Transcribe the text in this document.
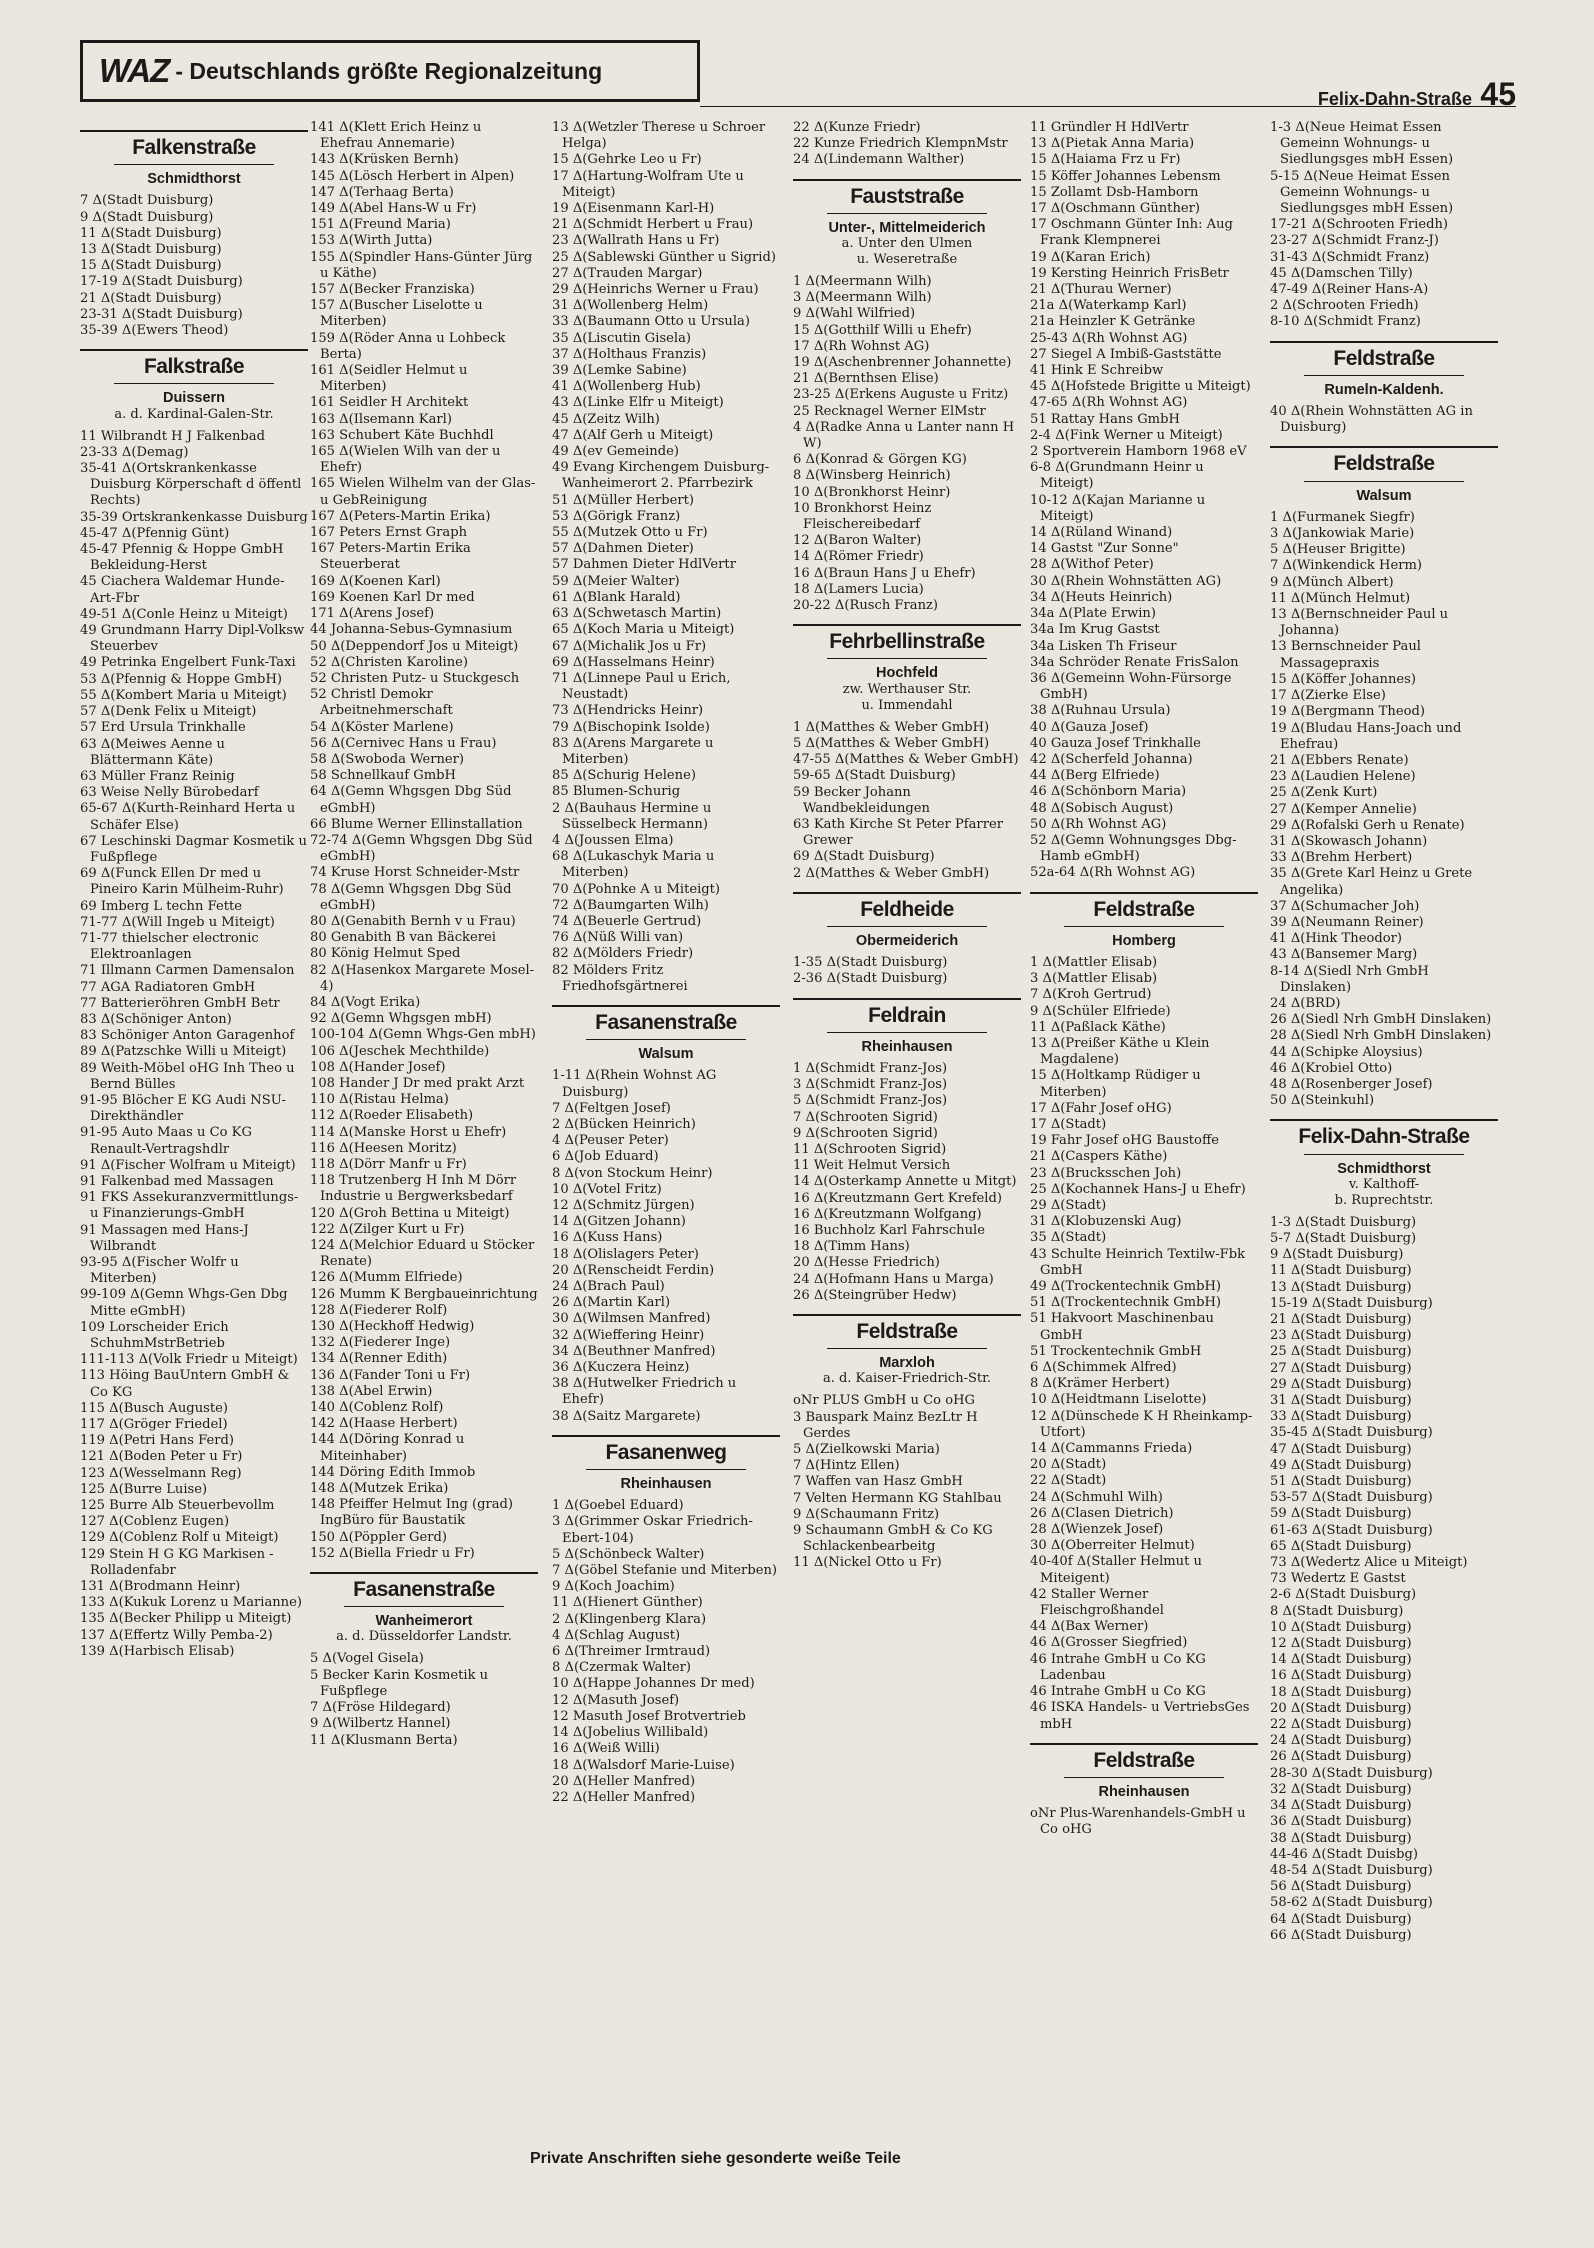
WAZ - Deutschlands größte Regionalzeitung
Felix-Dahn-Straße 45

Falkenstraße
Schmidthorst

7 Δ(Stadt Duisburg)

9 Δ(Stadt Duisburg)

11 Δ(Stadt Duisburg)

13 Δ(Stadt Duisburg)

15 Δ(Stadt Duisburg)

17-19 Δ(Stadt Duisburg)

21 Δ(Stadt Duisburg)

23-31 Δ(Stadt Duisburg)

35-39 Δ(Ewers Theod)

Falkstraße
Duissern
a. d. Kardinal-Galen-Str.

11 Wilbrandt H J Falkenbad

23-33 Δ(Demag)

35-41 Δ(Ortskrankenkasse Duisburg Körperschaft d öffentl Rechts)

35-39 Ortskrankenkasse Duisburg

45-47 Δ(Pfennig Günt)

45-47 Pfennig & Hoppe GmbH Bekleidung-Herst

45 Ciachera Waldemar Hunde-Art-Fbr

49-51 Δ(Conle Heinz u Miteigt)

49 Grundmann Harry Dipl-Volksw Steuerbev

49 Petrinka Engelbert Funk-Taxi

53 Δ(Pfennig & Hoppe GmbH)

55 Δ(Kombert Maria u Miteigt)

57 Δ(Denk Felix u Miteigt)

57 Erd Ursula Trinkhalle

63 Δ(Meiwes Aenne u Blättermann Käte)

63 Müller Franz Reinig

63 Weise Nelly Bürobedarf

65-67 Δ(Kurth-Reinhard Herta u Schäfer Else)

67 Leschinski Dagmar Kosmetik u Fußpflege

69 Δ(Funck Ellen Dr med u Pineiro Karin Mülheim-Ruhr)

69 Imberg L techn Fette

71-77 Δ(Will Ingeb u Miteigt)

71-77 thielscher electronic Elektroanlagen

71 Illmann Carmen Damensalon

77 AGA Radiatoren GmbH

77 Batterieröhren GmbH Betr

83 Δ(Schöniger Anton)

83 Schöniger Anton Garagenhof

89 Δ(Patzschke Willi u Miteigt)

89 Weith-Möbel oHG Inh Theo u Bernd Bülles

91-95 Blöcher E KG Audi NSU-Direkthändler

91-95 Auto Maas u Co KG Renault-Vertragshdlr

91 Δ(Fischer Wolfram u Miteigt)

91 Falkenbad med Massagen

91 FKS Assekuranzvermittlungs- u Finanzierungs-GmbH

91 Massagen med Hans-J Wilbrandt

93-95 Δ(Fischer Wolfr u Miterben)

99-109 Δ(Gemn Whgs-Gen Dbg Mitte eGmbH)

109 Lorscheider Erich SchuhmMstrBetrieb

111-113 Δ(Volk Friedr u Miteigt)

113 Höing BauUntern GmbH & Co KG

115 Δ(Busch Auguste)

117 Δ(Gröger Friedel)

119 Δ(Petri Hans Ferd)

121 Δ(Boden Peter u Fr)

123 Δ(Wesselmann Reg)

125 Δ(Burre Luise)

125 Burre Alb Steuerbevollm

127 Δ(Coblenz Eugen)

129 Δ(Coblenz Rolf u Miteigt)

129 Stein H G KG Markisen - Rolladenfabr

131 Δ(Brodmann Heinr)

133 Δ(Kukuk Lorenz u Marianne)

135 Δ(Becker Philipp u Miteigt)

137 Δ(Effertz Willy Pemba-2)

139 Δ(Harbisch Elisab)

141 Δ(Klett Erich Heinz u Ehefrau Annemarie)

143 Δ(Krüsken Bernh)

145 Δ(Lösch Herbert in Alpen)

147 Δ(Terhaag Berta)

149 Δ(Abel Hans-W u Fr)

151 Δ(Freund Maria)

153 Δ(Wirth Jutta)

155 Δ(Spindler Hans-Günter Jürg u Käthe)

157 Δ(Becker Franziska)

157 Δ(Buscher Liselotte u Miterben)

159 Δ(Röder Anna u Lohbeck Berta)

161 Δ(Seidler Helmut u Miterben)

161 Seidler H Architekt

163 Δ(Ilsemann Karl)

163 Schubert Käte Buchhdl

165 Δ(Wielen Wilh van der u Ehefr)

165 Wielen Wilhelm van der Glas- u GebReinigung

167 Δ(Peters-Martin Erika)

167 Peters Ernst Graph

167 Peters-Martin Erika Steuerberat

169 Δ(Koenen Karl)

169 Koenen Karl Dr med

171 Δ(Arens Josef)

44 Johanna-Sebus-Gymnasium

50 Δ(Deppendorf Jos u Miteigt)

52 Δ(Christen Karoline)

52 Christen Putz- u Stuckgesch

52 Christl Demokr Arbeitnehmerschaft

54 Δ(Köster Marlene)

56 Δ(Cernivec Hans u Frau)

58 Δ(Swoboda Werner)

58 Schnellkauf GmbH

64 Δ(Gemn Whgsgen Dbg Süd eGmbH)

66 Blume Werner Ellinstallation

72-74 Δ(Gemn Whgsgen Dbg Süd eGmbH)

74 Kruse Horst Schneider-Mstr

78 Δ(Gemn Whgsgen Dbg Süd eGmbH)

80 Δ(Genabith Bernh v u Frau)

80 Genabith B van Bäckerei

80 König Helmut Sped

82 Δ(Hasenkox Margarete Mosel-4)

84 Δ(Vogt Erika)

92 Δ(Gemn Whgsgen mbH)

100-104 Δ(Gemn Whgs-Gen mbH)

106 Δ(Jeschek Mechthilde)

108 Δ(Hander Josef)

108 Hander J Dr med prakt Arzt

110 Δ(Ristau Helma)

112 Δ(Roeder Elisabeth)

114 Δ(Manske Horst u Ehefr)

116 Δ(Heesen Moritz)

118 Δ(Dörr Manfr u Fr)

118 Trutzenberg H Inh M Dörr Industrie u Bergwerksbedarf

120 Δ(Groh Bettina u Miteigt)

122 Δ(Zilger Kurt u Fr)

124 Δ(Melchior Eduard u Stöcker Renate)

126 Δ(Mumm Elfriede)

126 Mumm K Bergbaueinrichtung

128 Δ(Fiederer Rolf)

130 Δ(Heckhoff Hedwig)

132 Δ(Fiederer Inge)

134 Δ(Renner Edith)

136 Δ(Fander Toni u Fr)

138 Δ(Abel Erwin)

140 Δ(Coblenz Rolf)

142 Δ(Haase Herbert)

144 Δ(Döring Konrad u Miteinhaber)

144 Döring Edith Immob

148 Δ(Mutzek Erika)

148 Pfeiffer Helmut Ing (grad) IngBüro für Baustatik

150 Δ(Pöppler Gerd)

152 Δ(Biella Friedr u Fr)

Fasanenstraße
Wanheimerort
a. d. Düsseldorfer Landstr.

5 Δ(Vogel Gisela)

5 Becker Karin Kosmetik u Fußpflege

7 Δ(Fröse Hildegard)

9 Δ(Wilbertz Hannel)

11 Δ(Klusmann Berta)

13 Δ(Wetzler Therese u Schroer Helga)

15 Δ(Gehrke Leo u Fr)

17 Δ(Hartung-Wolfram Ute u Miteigt)

19 Δ(Eisenmann Karl-H)

21 Δ(Schmidt Herbert u Frau)

23 Δ(Wallrath Hans u Fr)

25 Δ(Sablewski Günther u Sigrid)

27 Δ(Trauden Margar)

29 Δ(Heinrichs Werner u Frau)

31 Δ(Wollenberg Helm)

33 Δ(Baumann Otto u Ursula)

35 Δ(Liscutin Gisela)

37 Δ(Holthaus Franzis)

39 Δ(Lemke Sabine)

41 Δ(Wollenberg Hub)

43 Δ(Linke Elfr u Miteigt)

45 Δ(Zeitz Wilh)

47 Δ(Alf Gerh u Miteigt)

49 Δ(ev Gemeinde)

49 Evang Kirchengem Duisburg-Wanheimerort 2. Pfarrbezirk

51 Δ(Müller Herbert)

53 Δ(Görigk Franz)

55 Δ(Mutzek Otto u Fr)

57 Δ(Dahmen Dieter)

57 Dahmen Dieter HdlVertr

59 Δ(Meier Walter)

61 Δ(Blank Harald)

63 Δ(Schwetasch Martin)

65 Δ(Koch Maria u Miteigt)

67 Δ(Michalik Jos u Fr)

69 Δ(Hasselmans Heinr)

71 Δ(Linnepe Paul u Erich, Neustadt)

73 Δ(Hendricks Heinr)

79 Δ(Bischopink Isolde)

83 Δ(Arens Margarete u Miterben)

85 Δ(Schurig Helene)

85 Blumen-Schurig

2 Δ(Bauhaus Hermine u Süsselbeck Hermann)

4 Δ(Joussen Elma)

68 Δ(Lukaschyk Maria u Miterben)

70 Δ(Pohnke A u Miteigt)

72 Δ(Baumgarten Wilh)

74 Δ(Beuerle Gertrud)

76 Δ(Nüß Willi van)

82 Δ(Mölders Friedr)

82 Mölders Fritz Friedhofsgärtnerei

Fasanenstraße
Walsum

1-11 Δ(Rhein Wohnst AG Duisburg)

7 Δ(Feltgen Josef)

2 Δ(Bücken Heinrich)

4 Δ(Peuser Peter)

6 Δ(Job Eduard)

8 Δ(von Stockum Heinr)

10 Δ(Votel Fritz)

12 Δ(Schmitz Jürgen)

14 Δ(Gitzen Johann)

16 Δ(Kuss Hans)

18 Δ(Olislagers Peter)

20 Δ(Renscheidt Ferdin)

24 Δ(Brach Paul)

26 Δ(Martin Karl)

30 Δ(Wilmsen Manfred)

32 Δ(Wieffering Heinr)

34 Δ(Beuthner Manfred)

36 Δ(Kuczera Heinz)

38 Δ(Hutwelker Friedrich u Ehefr)

38 Δ(Saitz Margarete)

Fasanenweg
Rheinhausen

1 Δ(Goebel Eduard)

3 Δ(Grimmer Oskar Friedrich-Ebert-104)

5 Δ(Schönbeck Walter)

7 Δ(Göbel Stefanie und Miterben)

9 Δ(Koch Joachim)

11 Δ(Hienert Günther)

2 Δ(Klingenberg Klara)

4 Δ(Schlag August)

6 Δ(Threimer Irmtraud)

8 Δ(Czermak Walter)

10 Δ(Happe Johannes Dr med)

12 Δ(Masuth Josef)

12 Masuth Josef Brotvertrieb

14 Δ(Jobelius Willibald)

16 Δ(Weiß Willi)

18 Δ(Walsdorf Marie-Luise)

20 Δ(Heller Manfred)

22 Δ(Heller Manfred)

22 Δ(Kunze Friedr)

22 Kunze Friedrich KlempnMstr

24 Δ(Lindemann Walther)

Fauststraße
Unter-, Mittelmeiderich
a. Unter den Ulmen
u. Weseretraße

1 Δ(Meermann Wilh)

3 Δ(Meermann Wilh)

9 Δ(Wahl Wilfried)

15 Δ(Gotthilf Willi u Ehefr)

17 Δ(Rh Wohnst AG)

19 Δ(Aschenbrenner Johannette)

21 Δ(Bernthsen Elise)

23-25 Δ(Erkens Auguste u Fritz)

25 Recknagel Werner ElMstr

4 Δ(Radke Anna u Lanter nann H W)

6 Δ(Konrad & Görgen KG)

8 Δ(Winsberg Heinrich)

10 Δ(Bronkhorst Heinr)

10 Bronkhorst Heinz Fleischereibedarf

12 Δ(Baron Walter)

14 Δ(Römer Friedr)

16 Δ(Braun Hans J u Ehefr)

18 Δ(Lamers Lucia)

20-22 Δ(Rusch Franz)

Fehrbellinstraße
Hochfeld
zw. Werthauser Str.
u. Immendahl

1 Δ(Matthes & Weber GmbH)

5 Δ(Matthes & Weber GmbH)

47-55 Δ(Matthes & Weber GmbH)

59-65 Δ(Stadt Duisburg)

59 Becker Johann Wandbekleidungen

63 Kath Kirche St Peter Pfarrer Grewer

69 Δ(Stadt Duisburg)

2 Δ(Matthes & Weber GmbH)

Feldheide
Obermeiderich

1-35 Δ(Stadt Duisburg)

2-36 Δ(Stadt Duisburg)

Feldrain
Rheinhausen

1 Δ(Schmidt Franz-Jos)

3 Δ(Schmidt Franz-Jos)

5 Δ(Schmidt Franz-Jos)

7 Δ(Schrooten Sigrid)

9 Δ(Schrooten Sigrid)

11 Δ(Schrooten Sigrid)

11 Weit Helmut Versich

14 Δ(Osterkamp Annette u Mitgt)

16 Δ(Kreutzmann Gert Krefeld)

16 Δ(Kreutzmann Wolfgang)

16 Buchholz Karl Fahrschule

18 Δ(Timm Hans)

20 Δ(Hesse Friedrich)

24 Δ(Hofmann Hans u Marga)

26 Δ(Steingrüber Hedw)

Feldstraße
Marxloh
a. d. Kaiser-Friedrich-Str.

oNr PLUS GmbH u Co oHG

3 Bauspark Mainz BezLtr H Gerdes

5 Δ(Zielkowski Maria)

7 Δ(Hintz Ellen)

7 Waffen van Hasz GmbH

7 Velten Hermann KG Stahlbau

9 Δ(Schaumann Fritz)

9 Schaumann GmbH & Co KG Schlackenbearbeitg

11 Δ(Nickel Otto u Fr)

11 Gründler H HdlVertr

13 Δ(Pietak Anna Maria)

15 Δ(Haiama Frz u Fr)

15 Köffer Johannes Lebensm

15 Zollamt Dsb-Hamborn

17 Δ(Oschmann Günther)

17 Oschmann Günter Inh: Aug Frank Klempnerei

19 Δ(Karan Erich)

19 Kersting Heinrich FrisBetr

21 Δ(Thurau Werner)

21a Δ(Waterkamp Karl)

21a Heinzler K Getränke

25-43 Δ(Rh Wohnst AG)

27 Siegel A Imbiß-Gaststätte

41 Hink E Schreibw

45 Δ(Hofstede Brigitte u Miteigt)

47-65 Δ(Rh Wohnst AG)

51 Rattay Hans GmbH

2-4 Δ(Fink Werner u Miteigt)

2 Sportverein Hamborn 1968 eV

6-8 Δ(Grundmann Heinr u Miteigt)

10-12 Δ(Kajan Marianne u Miteigt)

14 Δ(Rüland Winand)

14 Gastst "Zur Sonne"

28 Δ(Withof Peter)

30 Δ(Rhein Wohnstätten AG)

34 Δ(Heuts Heinrich)

34a Δ(Plate Erwin)

34a Im Krug Gastst

34a Lisken Th Friseur

34a Schröder Renate FrisSalon

36 Δ(Gemeinn Wohn-Fürsorge GmbH)

38 Δ(Ruhnau Ursula)

40 Δ(Gauza Josef)

40 Gauza Josef Trinkhalle

42 Δ(Scherfeld Johanna)

44 Δ(Berg Elfriede)

46 Δ(Schönborn Maria)

48 Δ(Sobisch August)

50 Δ(Rh Wohnst AG)

52 Δ(Gemn Wohnungsges Dbg-Hamb eGmbH)

52a-64 Δ(Rh Wohnst AG)

Feldstraße
Homberg

1 Δ(Mattler Elisab)

3 Δ(Mattler Elisab)

7 Δ(Kroh Gertrud)

9 Δ(Schüler Elfriede)

11 Δ(Paßlack Käthe)

13 Δ(Preißer Käthe u Klein Magdalene)

15 Δ(Holtkamp Rüdiger u Miterben)

17 Δ(Fahr Josef oHG)

17 Δ(Stadt)

19 Fahr Josef oHG Baustoffe

21 Δ(Caspers Käthe)

23 Δ(Brucksschen Joh)

25 Δ(Kochannek Hans-J u Ehefr)

29 Δ(Stadt)

31 Δ(Klobuzenski Aug)

35 Δ(Stadt)

43 Schulte Heinrich Textilw-Fbk GmbH

49 Δ(Trockentechnik GmbH)

51 Δ(Trockentechnik GmbH)

51 Hakvoort Maschinenbau GmbH

51 Trockentechnik GmbH

6 Δ(Schimmek Alfred)

8 Δ(Krämer Herbert)

10 Δ(Heidtmann Liselotte)

12 Δ(Dünschede K H Rheinkamp-Utfort)

14 Δ(Cammanns Frieda)

20 Δ(Stadt)

22 Δ(Stadt)

24 Δ(Schmuhl Wilh)

26 Δ(Clasen Dietrich)

28 Δ(Wienzek Josef)

30 Δ(Oberreiter Helmut)

40-40f Δ(Staller Helmut u Miteigent)

42 Staller Werner Fleischgroßhandel

44 Δ(Bax Werner)

46 Δ(Grosser Siegfried)

46 Intrahe GmbH u Co KG Ladenbau

46 Intrahe GmbH u Co KG

46 ISKA Handels- u VertriebsGes mbH

Feldstraße
Rheinhausen

oNr Plus-Warenhandels-GmbH u Co oHG

1-3 Δ(Neue Heimat Essen Gemeinn Wohnungs- u Siedlungsges mbH Essen)

5-15 Δ(Neue Heimat Essen Gemeinn Wohnungs- u Siedlungsges mbH Essen)

17-21 Δ(Schrooten Friedh)

23-27 Δ(Schmidt Franz-J)

31-43 Δ(Schmidt Franz)

45 Δ(Damschen Tilly)

47-49 Δ(Reiner Hans-A)

2 Δ(Schrooten Friedh)

8-10 Δ(Schmidt Franz)

Feldstraße
Rumeln-Kaldenh.

40 Δ(Rhein Wohnstätten AG in Duisburg)

Feldstraße
Walsum

1 Δ(Furmanek Siegfr)

3 Δ(Jankowiak Marie)

5 Δ(Heuser Brigitte)

7 Δ(Winkendick Herm)

9 Δ(Münch Albert)

11 Δ(Münch Helmut)

13 Δ(Bernschneider Paul u Johanna)

13 Bernschneider Paul Massagepraxis

15 Δ(Köffer Johannes)

17 Δ(Zierke Else)

19 Δ(Bergmann Theod)

19 Δ(Bludau Hans-Joach und Ehefrau)

21 Δ(Ebbers Renate)

23 Δ(Laudien Helene)

25 Δ(Zenk Kurt)

27 Δ(Kemper Annelie)

29 Δ(Rofalski Gerh u Renate)

31 Δ(Skowasch Johann)

33 Δ(Brehm Herbert)

35 Δ(Grete Karl Heinz u Grete Angelika)

37 Δ(Schumacher Joh)

39 Δ(Neumann Reiner)

41 Δ(Hink Theodor)

43 Δ(Bansemer Marg)

8-14 Δ(Siedl Nrh GmbH Dinslaken)

24 Δ(BRD)

26 Δ(Siedl Nrh GmbH Dinslaken)

28 Δ(Siedl Nrh GmbH Dinslaken)

44 Δ(Schipke Aloysius)

46 Δ(Krobiel Otto)

48 Δ(Rosenberger Josef)

50 Δ(Steinkuhl)

Felix-Dahn-Straße
Schmidthorst
v. Kalthoff-
b. Ruprechtstr.

1-3 Δ(Stadt Duisburg)

5-7 Δ(Stadt Duisburg)

9 Δ(Stadt Duisburg)

11 Δ(Stadt Duisburg)

13 Δ(Stadt Duisburg)

15-19 Δ(Stadt Duisburg)

21 Δ(Stadt Duisburg)

23 Δ(Stadt Duisburg)

25 Δ(Stadt Duisburg)

27 Δ(Stadt Duisburg)

29 Δ(Stadt Duisburg)

31 Δ(Stadt Duisburg)

33 Δ(Stadt Duisburg)

35-45 Δ(Stadt Duisburg)

47 Δ(Stadt Duisburg)

49 Δ(Stadt Duisburg)

51 Δ(Stadt Duisburg)

53-57 Δ(Stadt Duisburg)

59 Δ(Stadt Duisburg)

61-63 Δ(Stadt Duisburg)

65 Δ(Stadt Duisburg)

73 Δ(Wedertz Alice u Miteigt)

73 Wedertz E Gastst

2-6 Δ(Stadt Duisburg)

8 Δ(Stadt Duisburg)

10 Δ(Stadt Duisburg)

12 Δ(Stadt Duisburg)

14 Δ(Stadt Duisburg)

16 Δ(Stadt Duisburg)

18 Δ(Stadt Duisburg)

20 Δ(Stadt Duisburg)

22 Δ(Stadt Duisburg)

24 Δ(Stadt Duisburg)

26 Δ(Stadt Duisburg)

28-30 Δ(Stadt Duisburg)

32 Δ(Stadt Duisburg)

34 Δ(Stadt Duisburg)

36 Δ(Stadt Duisburg)

38 Δ(Stadt Duisburg)

44-46 Δ(Stadt Duisbg)

48-54 Δ(Stadt Duisburg)

56 Δ(Stadt Duisburg)

58-62 Δ(Stadt Duisburg)

64 Δ(Stadt Duisburg)

66 Δ(Stadt Duisburg)

Private Anschriften siehe gesonderte weiße Teile
